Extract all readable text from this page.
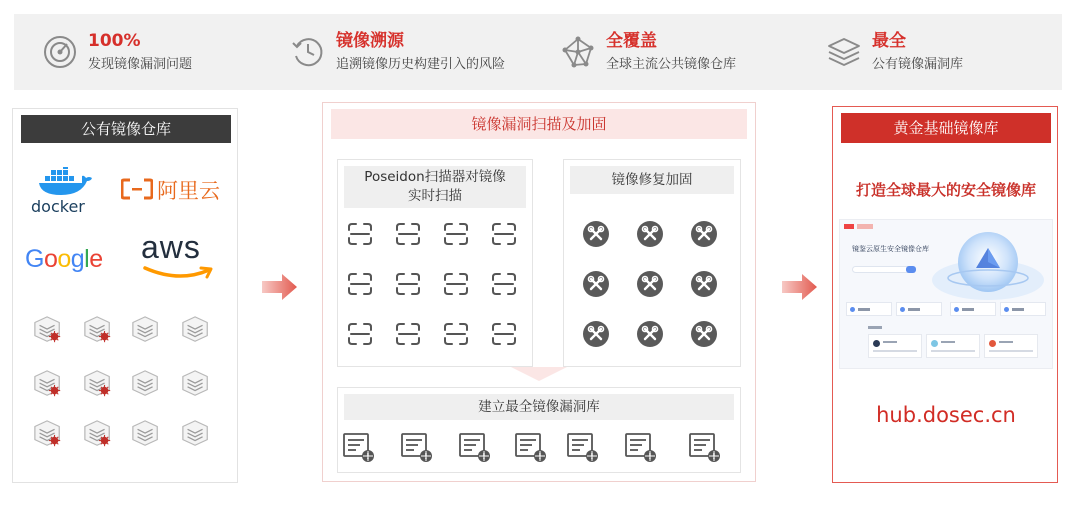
100%
发现镜像漏洞问题
镜像溯源
追溯镜像历史构建引入的风险
全覆盖
全球主流公共镜像仓库
最全
公有镜像漏洞库
公有镜像仓库
docker
阿里云
Google aws
镜像漏洞扫描及加固
Poseidon扫描器对镜像
实时扫描
镜像修复加固
建立最全镜像漏洞库
!	!	!	!	!	!	!
黄金基础镜像库
打造全球最大的安全镜像库
镜鉴云原生安全镜像仓库
hub.dosec.cn
